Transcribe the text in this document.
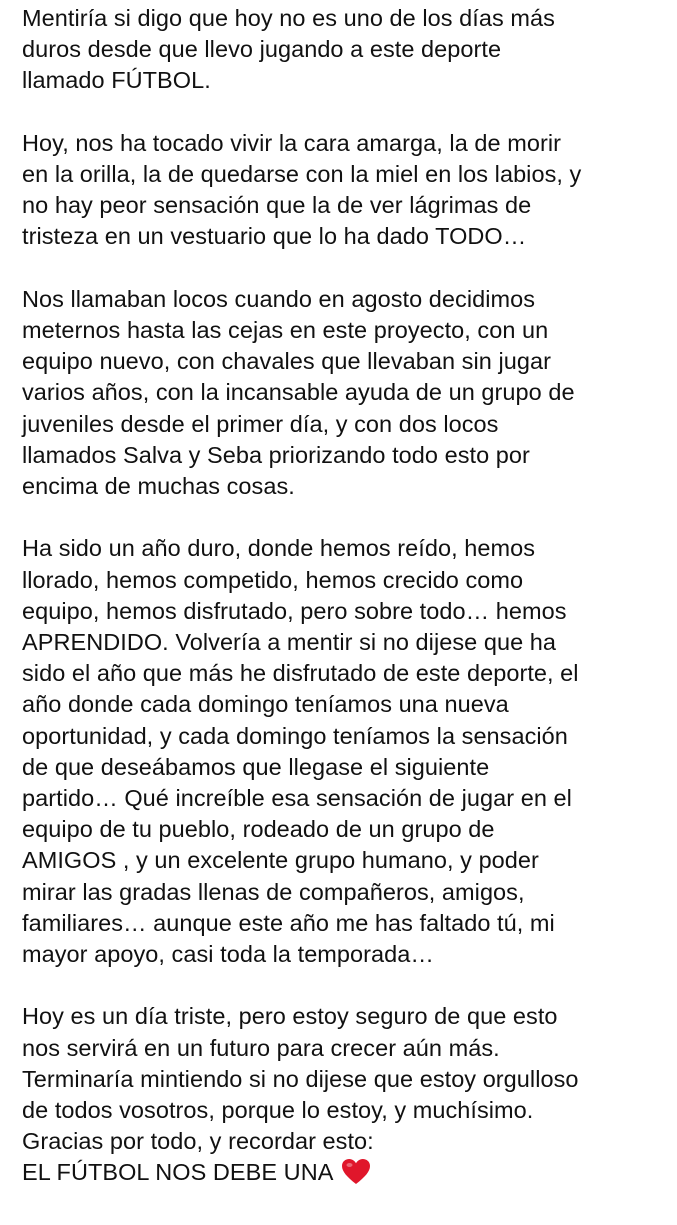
Mentiría si digo que hoy no es uno de los días más
duros desde que llevo jugando a este deporte
llamado FÚTBOL.

Hoy, nos ha tocado vivir la cara amarga, la de morir
en la orilla, la de quedarse con la miel en los labios, y
no hay peor sensación que la de ver lágrimas de
tristeza en un vestuario que lo ha dado TODO…

Nos llamaban locos cuando en agosto decidimos
meternos hasta las cejas en este proyecto, con un
equipo nuevo, con chavales que llevaban sin jugar
varios años, con la incansable ayuda de un grupo de
juveniles desde el primer día, y con dos locos
llamados Salva y Seba priorizando todo esto por
encima de muchas cosas.

Ha sido un año duro, donde hemos reído, hemos
llorado, hemos competido, hemos crecido como
equipo, hemos disfrutado, pero sobre todo… hemos
APRENDIDO. Volvería a mentir si no dijese que ha
sido el año que más he disfrutado de este deporte, el
año donde cada domingo teníamos una nueva
oportunidad, y cada domingo teníamos la sensación
de que deseábamos que llegase el siguiente
partido… Qué increíble esa sensación de jugar en el
equipo de tu pueblo, rodeado de un grupo de
AMIGOS , y un excelente grupo humano, y poder
mirar las gradas llenas de compañeros, amigos,
familiares… aunque este año me has faltado tú, mi
mayor apoyo, casi toda la temporada…

Hoy es un día triste, pero estoy seguro de que esto
nos servirá en un futuro para crecer aún más.
Terminaría mintiendo si no dijese que estoy orgulloso
de todos vosotros, porque lo estoy, y muchísimo.
Gracias por todo, y recordar esto:
EL FÚTBOL NOS DEBE UNA
